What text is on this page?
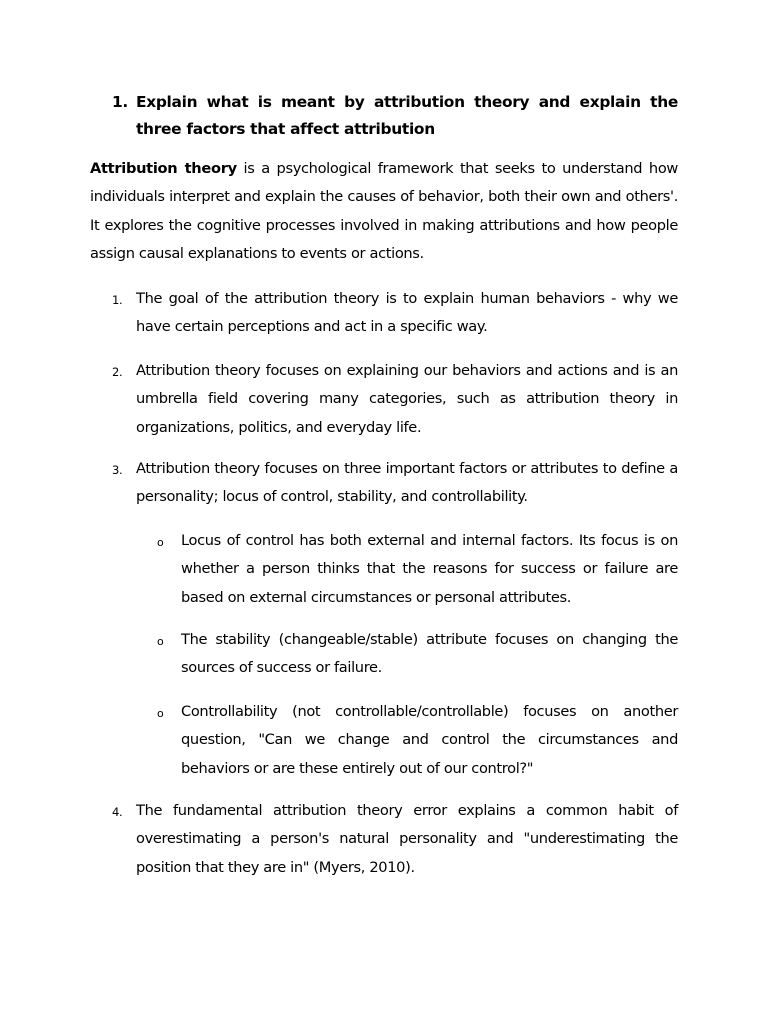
1. Explain what is meant by attribution theory and explain the three factors that affect attribution

Attribution theory is a psychological framework that seeks to understand how individuals interpret and explain the causes of behavior, both their own and others'. It explores the cognitive processes involved in making attributions and how people assign causal explanations to events or actions.

1. The goal of the attribution theory is to explain human behaviors - why we have certain perceptions and act in a specific way.
2. Attribution theory focuses on explaining our behaviors and actions and is an umbrella field covering many categories, such as attribution theory in organizations, politics, and everyday life.
3. Attribution theory focuses on three important factors or attributes to define a personality; locus of control, stability, and controllability.
o Locus of control has both external and internal factors. Its focus is on whether a person thinks that the reasons for success or failure are based on external circumstances or personal attributes.
o The stability (changeable/stable) attribute focuses on changing the sources of success or failure.
o Controllability (not controllable/controllable) focuses on another question, "Can we change and control the circumstances and behaviors or are these entirely out of our control?"
4. The fundamental attribution theory error explains a common habit of overestimating a person's natural personality and "underestimating the position that they are in" (Myers, 2010).
